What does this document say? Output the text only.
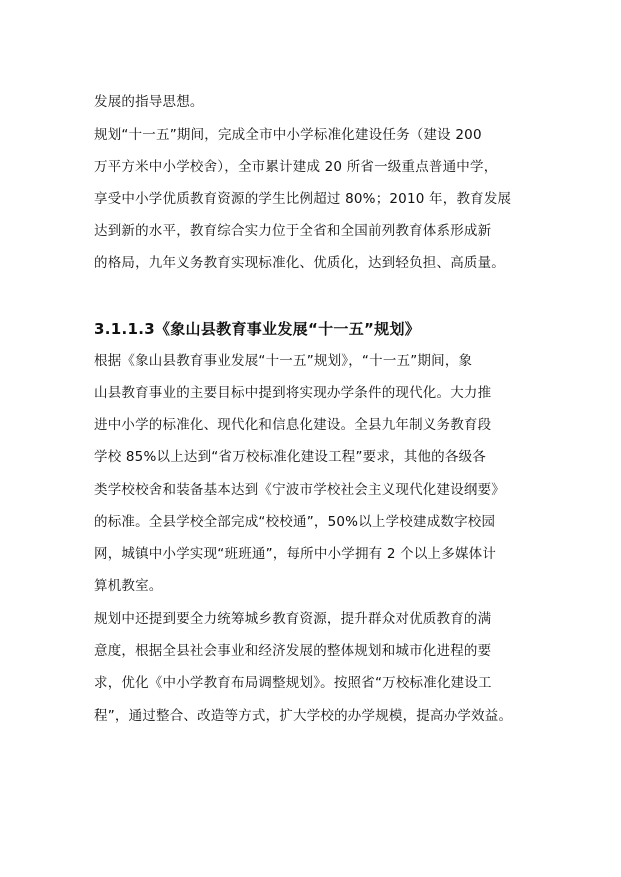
发展的指导思想。
规划“十一五”期间，完成全市中小学标准化建设任务（建设 200
万平方米中小学校舍），全市累计建成 20 所省一级重点普通中学，
享受中小学优质教育资源的学生比例超过 80%；2010 年，教育发展
达到新的水平，教育综合实力位于全省和全国前列教育体系形成新
的格局，九年义务教育实现标准化、优质化，达到轻负担、高质量。
3.1.1.3《象山县教育事业发展“十一五”规划》
根据《象山县教育事业发展“十一五”规划》，“十一五”期间，象
山县教育事业的主要目标中提到将实现办学条件的现代化。大力推
进中小学的标准化、现代化和信息化建设。全县九年制义务教育段
学校 85%以上达到“省万校标准化建设工程”要求，其他的各级各
类学校校舍和装备基本达到《宁波市学校社会主义现代化建设纲要》
的标准。全县学校全部完成“校校通”，50%以上学校建成数字校园
网，城镇中小学实现“班班通”，每所中小学拥有 2 个以上多媒体计
算机教室。
规划中还提到要全力统筹城乡教育资源，提升群众对优质教育的满
意度，根据全县社会事业和经济发展的整体规划和城市化进程的要
求，优化《中小学教育布局调整规划》。按照省“万校标准化建设工
程”，通过整合、改造等方式，扩大学校的办学规模，提高办学效益。
